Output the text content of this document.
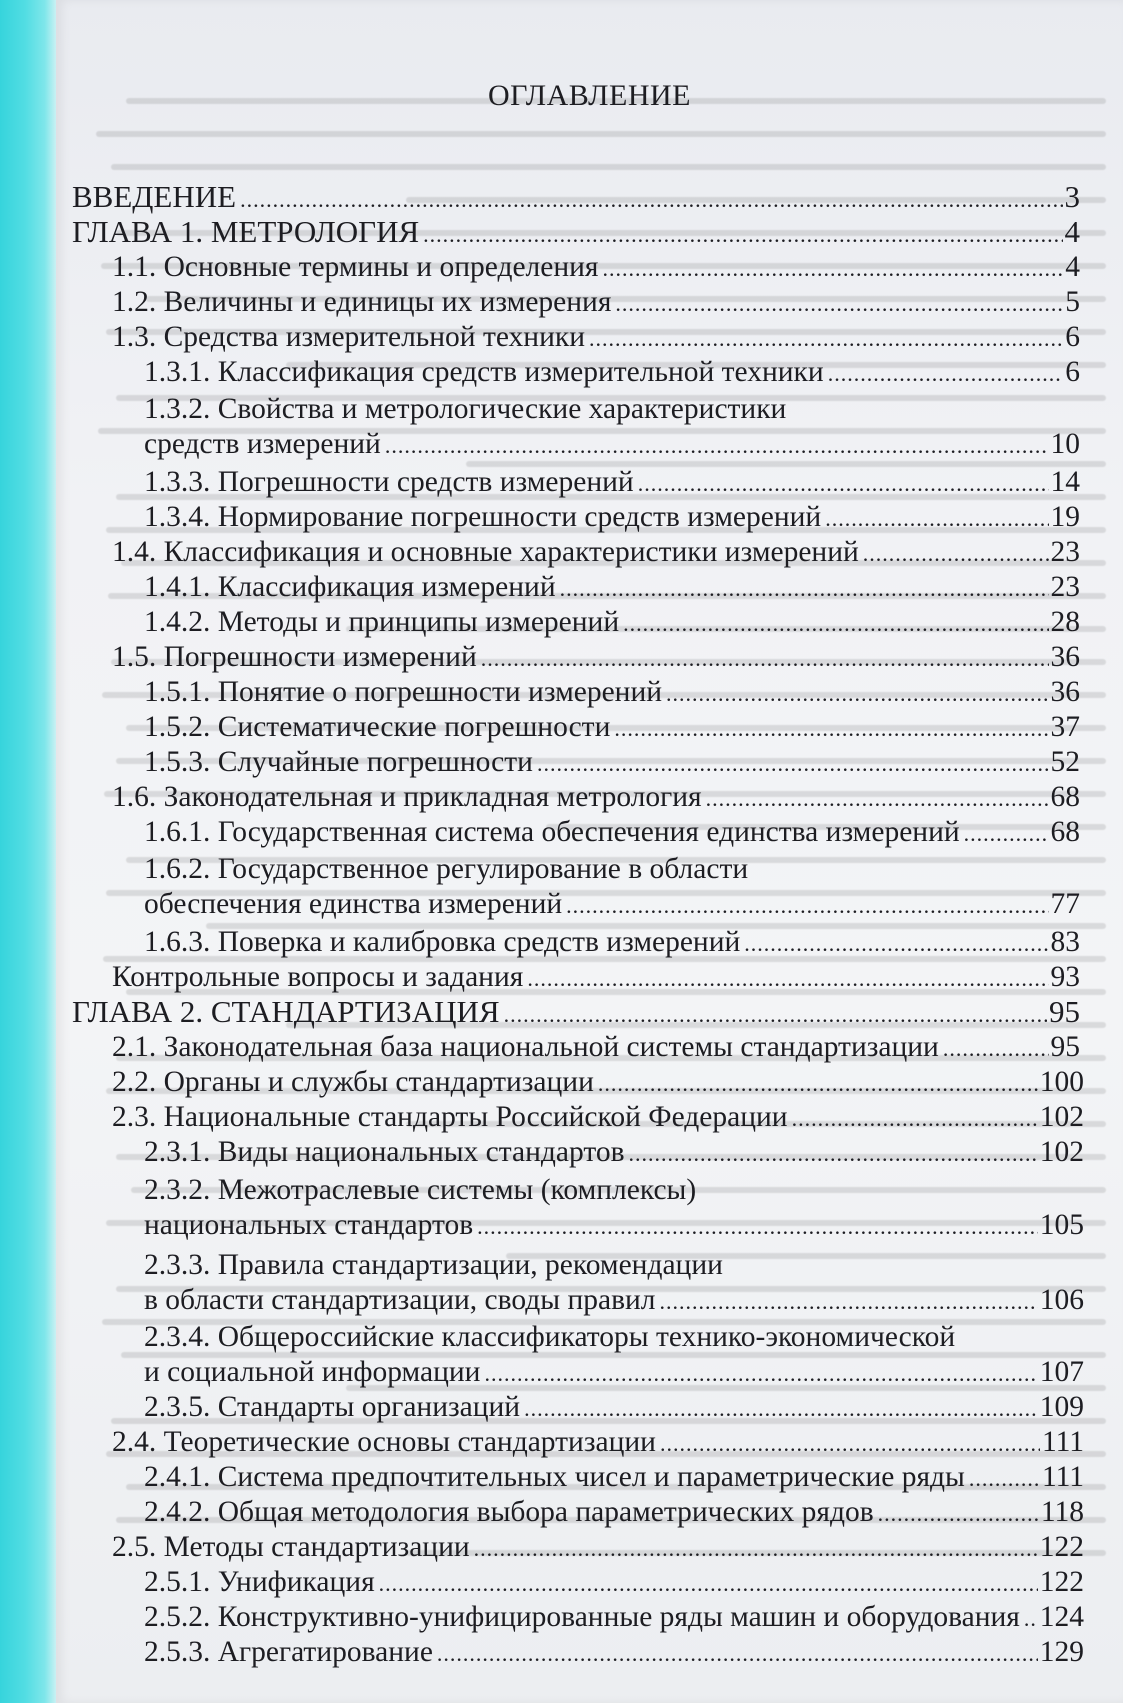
ОГЛАВЛЕНИЕ
ВВЕДЕНИЕ .....	3
ГЛАВА 1. МЕТРОЛОГИЯ .....	4
1.1. Основные термины и определения .....	4
1.2. Величины и единицы их измерения .....	5
1.3. Средства измерительной техники .....	6
1.3.1. Классификация средств измерительной техники .....	6
1.3.2. Свойства и метрологические характеристики
средств измерений .....	10
1.3.3. Погрешности средств измерений .....	14
1.3.4. Нормирование погрешности средств измерений .....	19
1.4. Классификация и основные характеристики измерений .....	23
1.4.1. Классификация измерений .....	23
1.4.2. Методы и принципы измерений .....	28
1.5. Погрешности измерений .....	36
1.5.1. Понятие о погрешности измерений .....	36
1.5.2. Систематические погрешности .....	37
1.5.3. Случайные погрешности .....	52
1.6. Законодательная и прикладная метрология .....	68
1.6.1. Государственная система обеспечения единства измерений .....	68
1.6.2. Государственное регулирование в области
обеспечения единства измерений .....	77
1.6.3. Поверка и калибровка средств измерений .....	83
Контрольные вопросы и задания .....	93
ГЛАВА 2. СТАНДАРТИЗАЦИЯ .....	95
2.1. Законодательная база национальной системы стандартизации .....	95
2.2. Органы и службы стандартизации .....	100
2.3. Национальные стандарты Российской Федерации .....	102
2.3.1. Виды национальных стандартов .....	102
2.3.2. Межотраслевые системы (комплексы)
национальных стандартов .....	105
2.3.3. Правила стандартизации, рекомендации
в области стандартизации, своды правил .....	106
2.3.4. Общероссийские классификаторы технико-экономической
и социальной информации .....	107
2.3.5. Стандарты организаций .....	109
2.4. Теоретические основы стандартизации .....	111
2.4.1. Система предпочтительных чисел и параметрические ряды .....	111
2.4.2. Общая методология выбора параметрических рядов .....	118
2.5. Методы стандартизации .....	122
2.5.1. Унификация .....	122
2.5.2. Конструктивно-унифицированные ряды машин и оборудования ..... 124
2.5.3. Агрегатирование .....	129
